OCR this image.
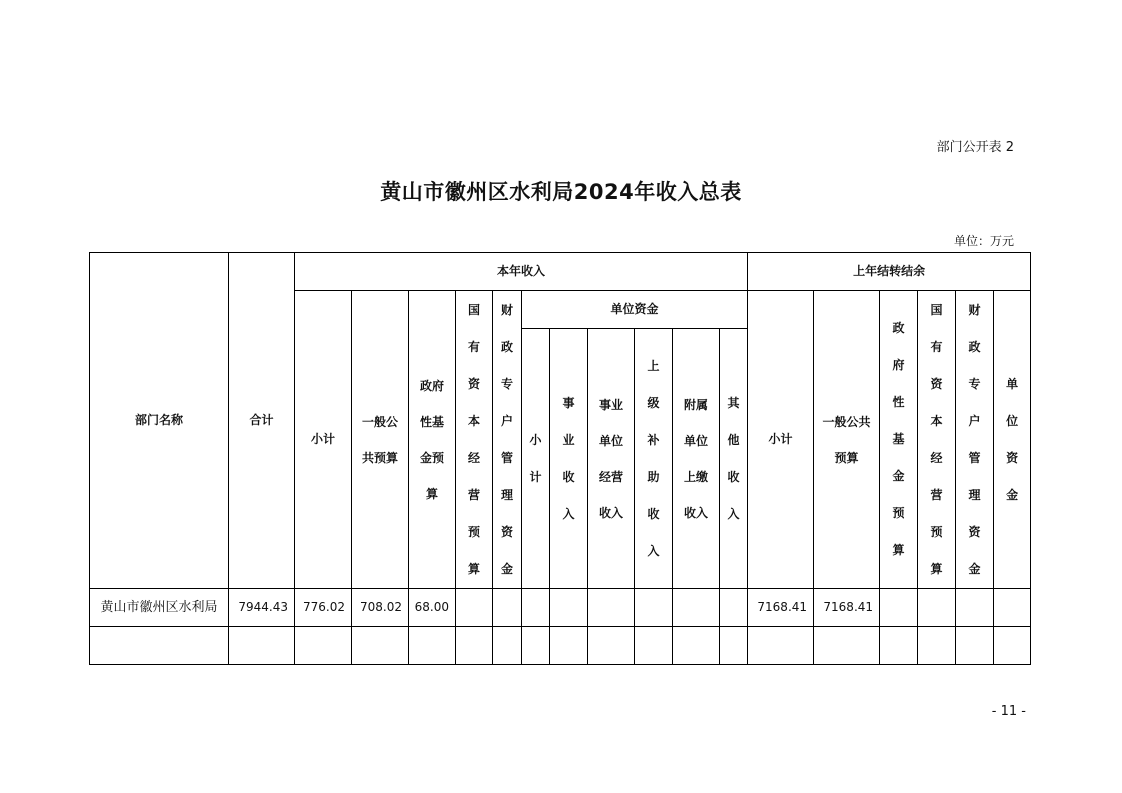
部门公开表 2
黄山市徽州区水利局2024年收入总表
单位：万元
部门名称	合计	本年收入											上年结转结余					
		小计	一般公共预算	政府性基金预算	国有资本经营预算	财政专户管理资金	单位资金						小计	一般公共预算	政府性基金预算	国有资本经营预算	财政专户管理资金	单位资金

							小计	事业收入	事业单位经营收入	上级补助收入	附属单位上缴收入	其他收入						

黄山市徽州区水利局	7944.43	776.02	708.02	68.00									7168.41	7168.41				

- 11 -
